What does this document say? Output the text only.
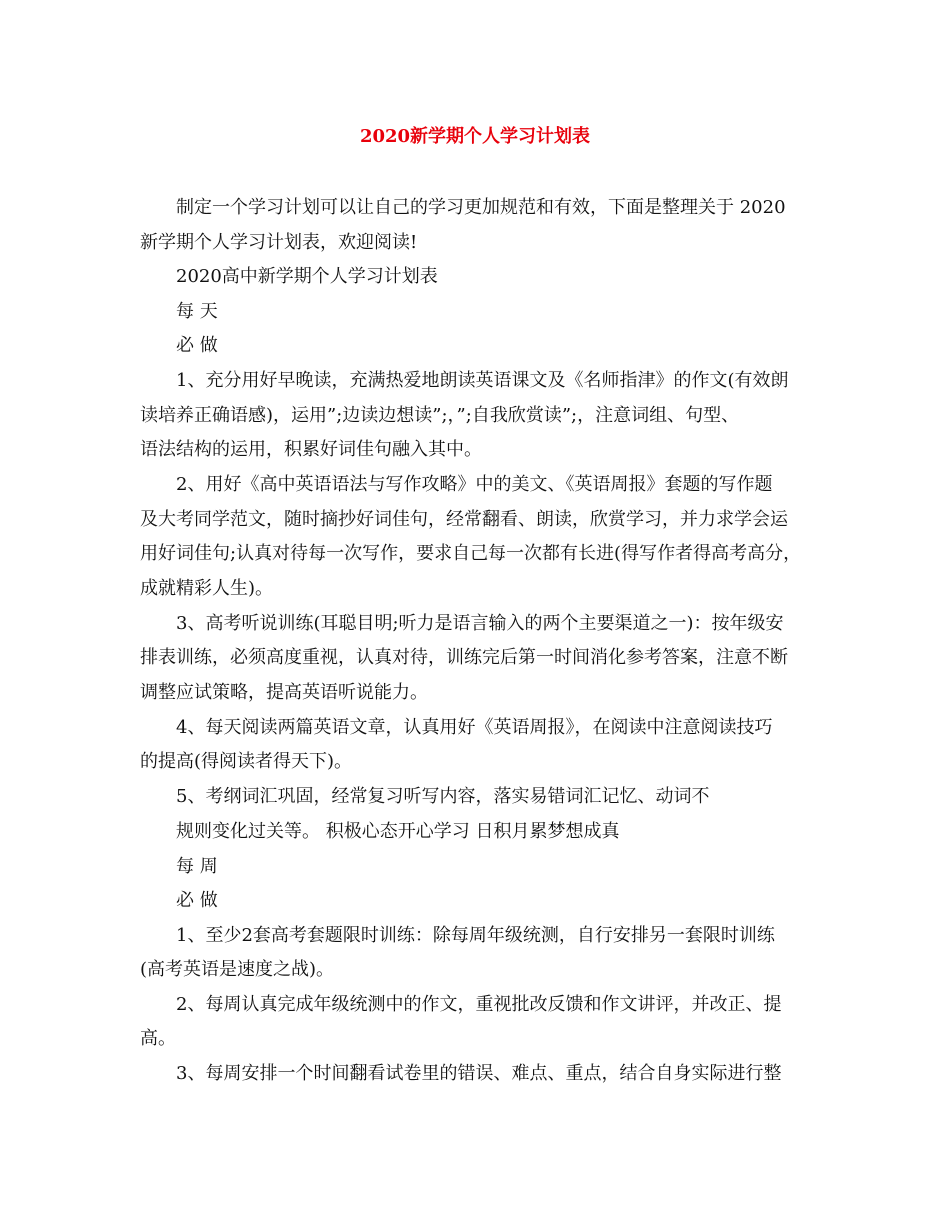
2020新学期个人学习计划表
　　制定一个学习计划可以让自己的学习更加规范和有效，下面是整理关于 2020
新学期个人学习计划表，欢迎阅读!
　　2020高中新学期个人学习计划表
　　每 天
　　必 做
　　1、充分用好早晚读，充满热爱地朗读英语课文及《名师指津》的作文(有效朗
读培养正确语感)，运用”;边读边想读”;，”;自我欣赏读”;，注意词组、句型、
语法结构的运用，积累好词佳句融入其中。
　　2、用好《高中英语语法与写作攻略》中的美文、《英语周报》套题的写作题
及大考同学范文，随时摘抄好词佳句，经常翻看、朗读，欣赏学习，并力求学会运
用好词佳句;认真对待每一次写作，要求自己每一次都有长进(得写作者得高考高分，
成就精彩人生)。
　　3、高考听说训练(耳聪目明;听力是语言输入的两个主要渠道之一)：按年级安
排表训练，必须高度重视，认真对待，训练完后第一时间消化参考答案，注意不断
调整应试策略，提高英语听说能力。
　　4、每天阅读两篇英语文章，认真用好《英语周报》，在阅读中注意阅读技巧
的提高(得阅读者得天下)。
　　5、考纲词汇巩固，经常复习听写内容，落实易错词汇记忆、动词不
　　规则变化过关等。 积极心态开心学习 日积月累梦想成真
　　每 周
　　必 做
　　1、至少2套高考套题限时训练：除每周年级统测，自行安排另一套限时训练
(高考英语是速度之战)。
　　2、每周认真完成年级统测中的作文，重视批改反馈和作文讲评，并改正、提
高。
　　3、每周安排一个时间翻看试卷里的错误、难点、重点，结合自身实际进行整
